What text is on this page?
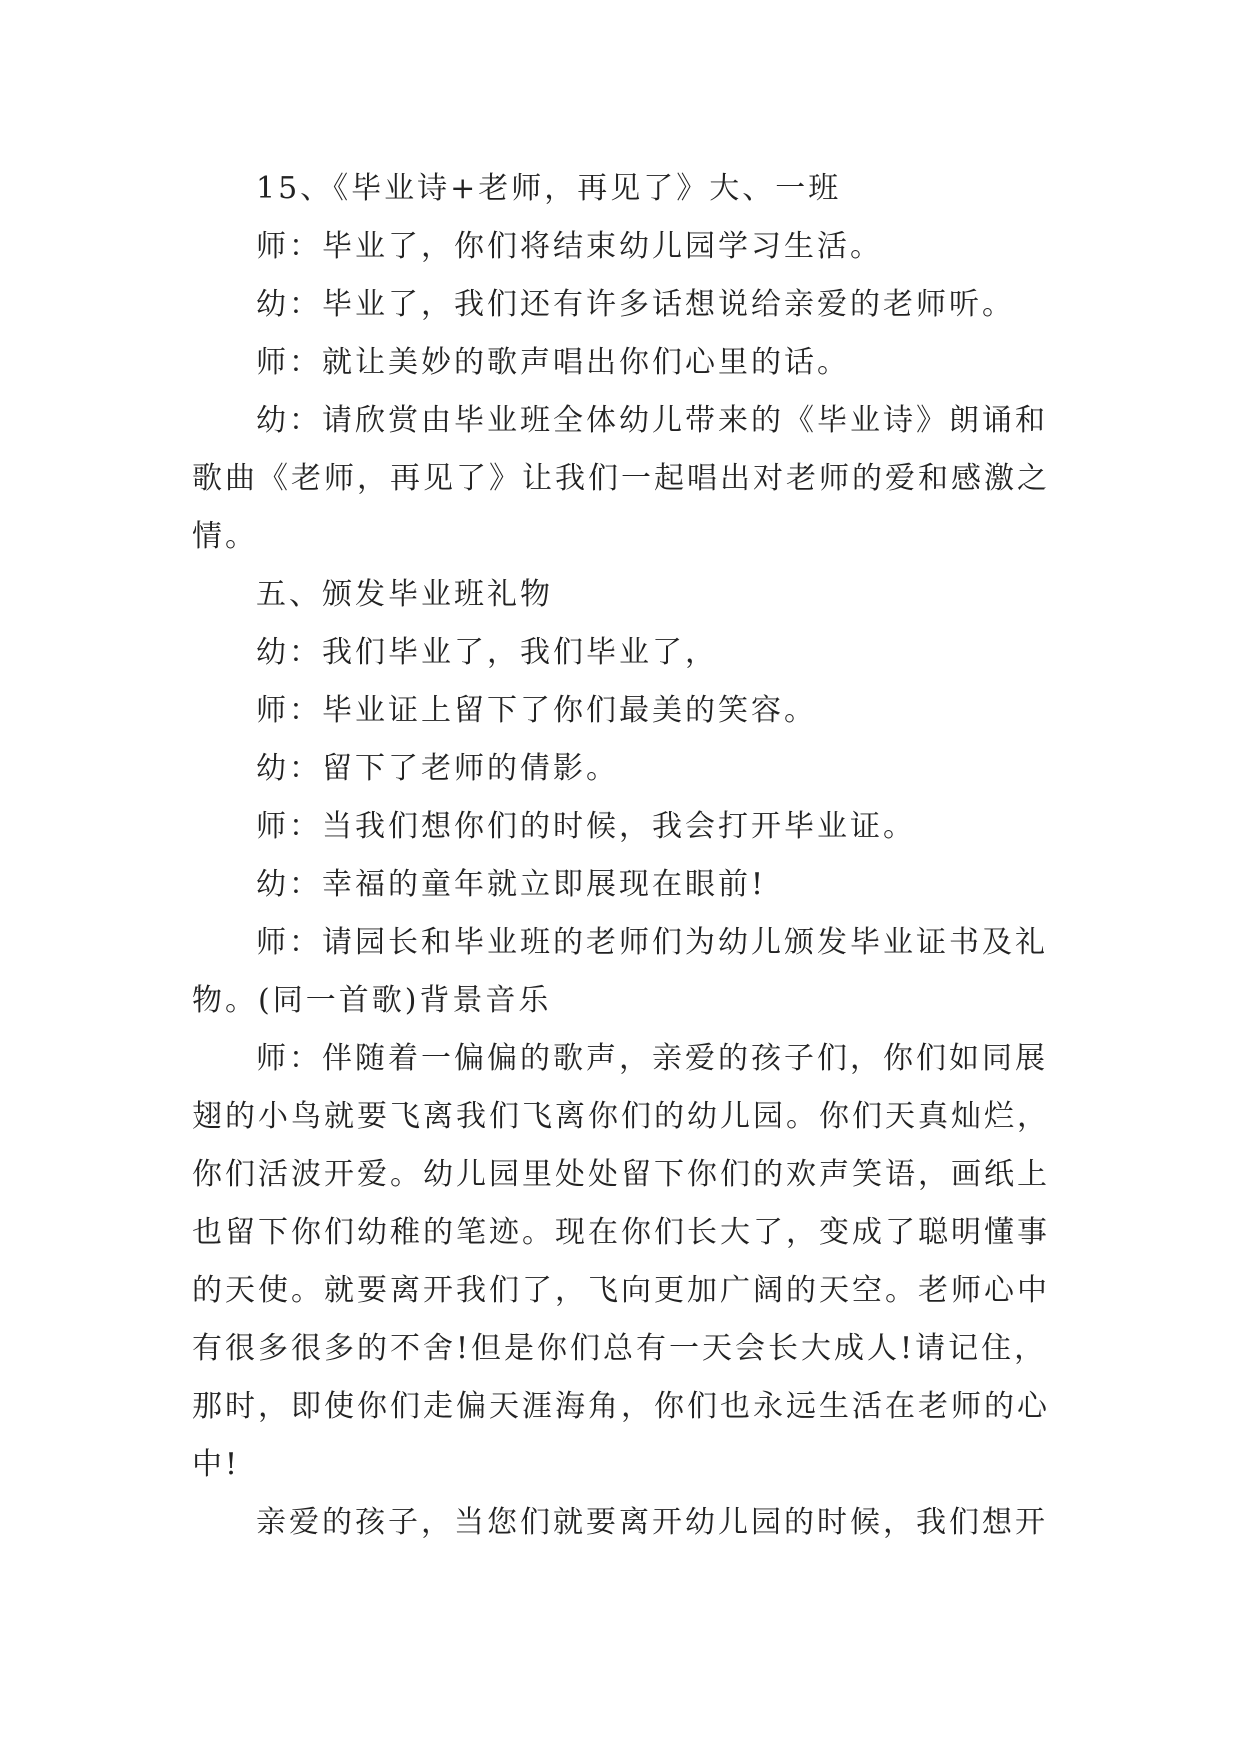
15、《毕业诗+老师，再见了》大、一班

师：毕业了，你们将结束幼儿园学习生活。

幼：毕业了，我们还有许多话想说给亲爱的老师听。

师：就让美妙的歌声唱出你们心里的话。

幼：请欣赏由毕业班全体幼儿带来的《毕业诗》朗诵和歌曲《老师，再见了》让我们一起唱出对老师的爱和感激之情。

五、颁发毕业班礼物

幼：我们毕业了，我们毕业了，

师：毕业证上留下了你们最美的笑容。

幼：留下了老师的倩影。

师：当我们想你们的时候，我会打开毕业证。

幼：幸福的童年就立即展现在眼前!

师：请园长和毕业班的老师们为幼儿颁发毕业证书及礼物。(同一首歌)背景音乐

师：伴随着一偏偏的歌声，亲爱的孩子们，你们如同展翅的小鸟就要飞离我们飞离你们的幼儿园。你们天真灿烂，你们活波开爱。幼儿园里处处留下你们的欢声笑语，画纸上也留下你们幼稚的笔迹。现在你们长大了，变成了聪明懂事的天使。就要离开我们了，飞向更加广阔的天空。老师心中有很多很多的不舍!但是你们总有一天会长大成人!请记住，那时，即使你们走偏天涯海角，你们也永远生活在老师的心中!

亲爱的孩子，当您们就要离开幼儿园的时候，我们想开
